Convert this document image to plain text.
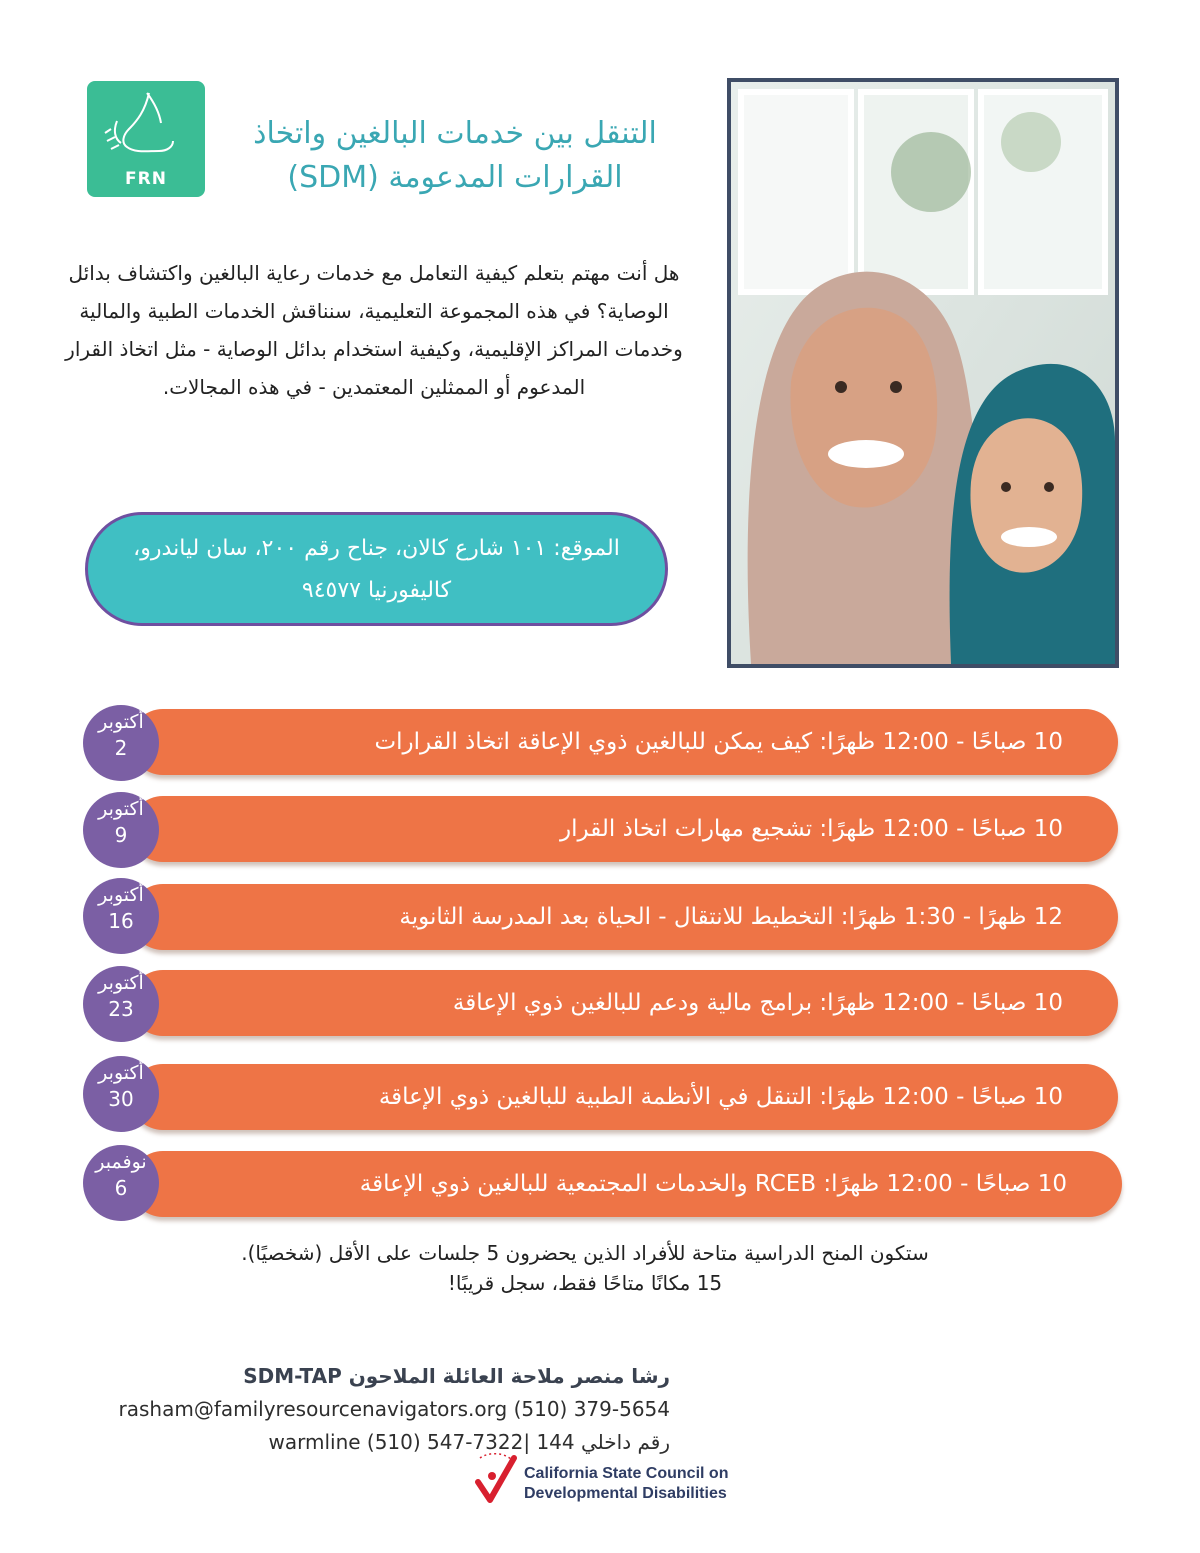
FRN
التنقل بين خدمات البالغين واتخاذ القرارات المدعومة (SDM)
هل أنت مهتم بتعلم كيفية التعامل مع خدمات رعاية البالغين واكتشاف بدائل الوصاية؟ في هذه المجموعة التعليمية، سنناقش الخدمات الطبية والمالية وخدمات المراكز الإقليمية، وكيفية استخدام بدائل الوصاية - مثل اتخاذ القرار المدعوم أو الممثلين المعتمدين - في هذه المجالات.
الموقع: ١٠١ شارع كالان، جناح رقم ٢٠٠، سان لياندرو، كاليفورنيا ٩٤٥٧٧
10 صباحًا - 12:00 ظهرًا: كيف يمكن للبالغين ذوي الإعاقة اتخاذ القرارات
أكتوبر
2
10 صباحًا - 12:00 ظهرًا: تشجيع مهارات اتخاذ القرار
أكتوبر
9
12 ظهرًا - 1:30 ظهرًا: التخطيط للانتقال - الحياة بعد المدرسة الثانوية
أكتوبر
16
10 صباحًا - 12:00 ظهرًا: برامج مالية ودعم للبالغين ذوي الإعاقة
أكتوبر
23
10 صباحًا - 12:00 ظهرًا: التنقل في الأنظمة الطبية للبالغين ذوي الإعاقة
أكتوبر
30
10 صباحًا - 12:00 ظهرًا: RCEB والخدمات المجتمعية للبالغين ذوي الإعاقة
نوفمبر
6
ستكون المنح الدراسية متاحة للأفراد الذين يحضرون 5 جلسات على الأقل (شخصيًا).
15 مكانًا متاحًا فقط، سجل قريبًا!
رشا منصر ملاحة العائلة الملاحون SDM-TAP
rasham@familyresourcenavigators.org (510) 379-5654
رقم داخلي 144 |warmline (510) 547-7322
California State Council on
Developmental Disabilities
